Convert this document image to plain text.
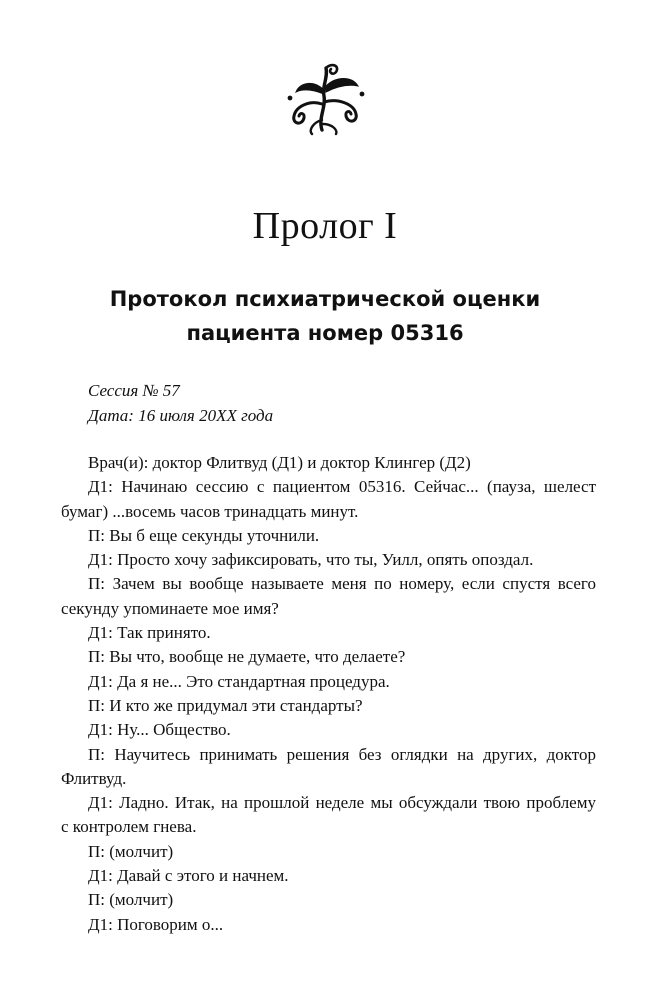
Пролог I
Протокол психиатрической оценки
пациента номер 05316
Сессия № 57
Дата: 16 июля 20XX года
Врач(и): доктор Флитвуд (Д1) и доктор Клингер (Д2)
Д1: Начинаю сессию с пациентом 05316. Сейчас... (пауза, шелест
бумаг) ...восемь часов тринадцать минут.
П: Вы б еще секунды уточнили.
Д1: Просто хочу зафиксировать, что ты, Уилл, опять опоздал.
П: Зачем вы вообще называете меня по номеру, если спустя всего
секунду упоминаете мое имя?
Д1: Так принято.
П: Вы что, вообще не думаете, что делаете?
Д1: Да я не... Это стандартная процедура.
П: И кто же придумал эти стандарты?
Д1: Ну... Общество.
П: Научитесь принимать решения без оглядки на других, доктор
Флитвуд.
Д1: Ладно. Итак, на прошлой неделе мы обсуждали твою проблему
с контролем гнева.
П: (молчит)
Д1: Давай с этого и начнем.
П: (молчит)
Д1: Поговорим о...
